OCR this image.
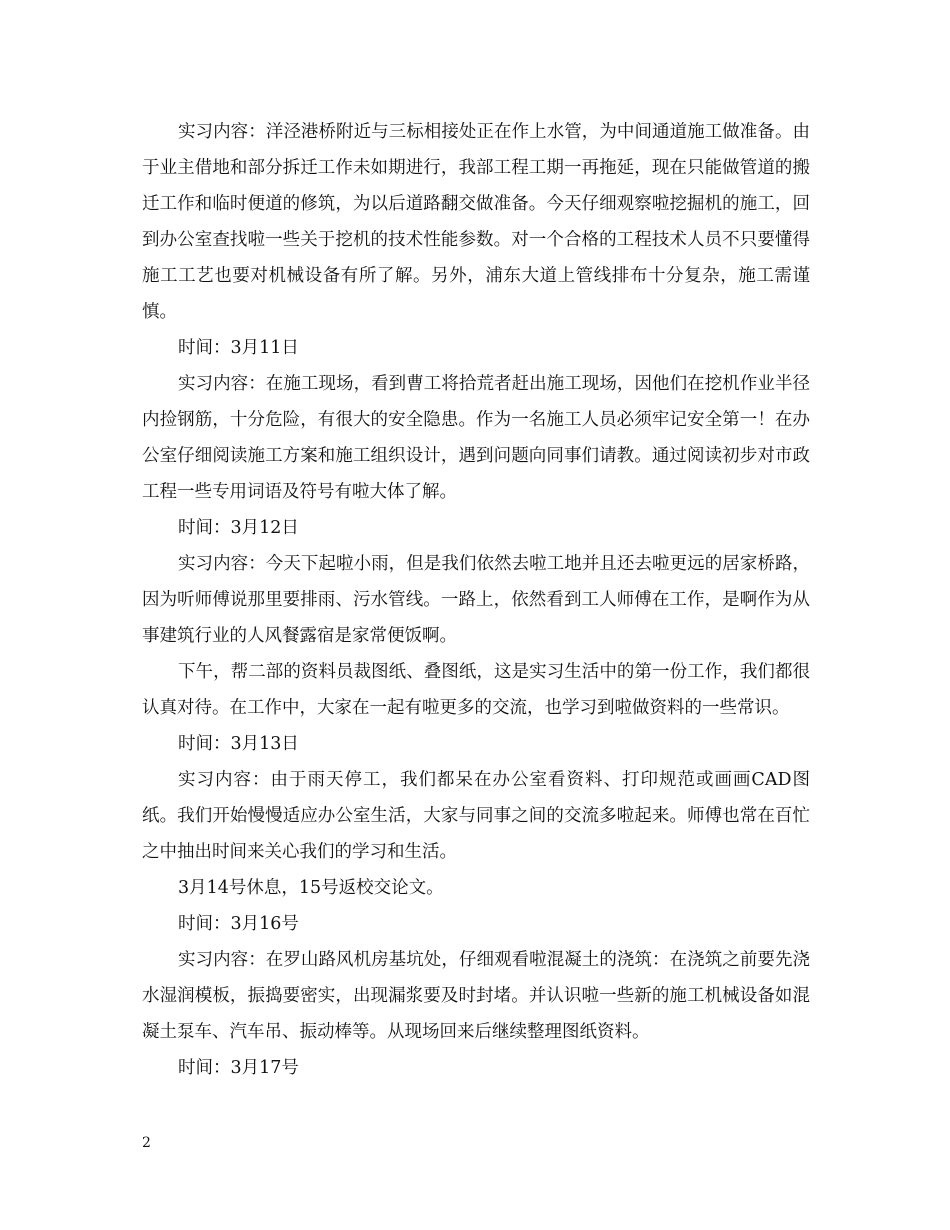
实习内容：洋泾港桥附近与三标相接处正在作上水管，为中间通道施工做准备。由于业主借地和部分拆迁工作未如期进行，我部工程工期一再拖延，现在只能做管道的搬迁工作和临时便道的修筑，为以后道路翻交做准备。今天仔细观察啦挖掘机的施工，回到办公室查找啦一些关于挖机的技术性能参数。对一个合格的工程技术人员不只要懂得施工工艺也要对机械设备有所了解。另外，浦东大道上管线排布十分复杂，施工需谨慎。

时间：3月11日

实习内容：在施工现场，看到曹工将拾荒者赶出施工现场，因他们在挖机作业半径内捡钢筋，十分危险，有很大的安全隐患。作为一名施工人员必须牢记安全第一！在办公室仔细阅读施工方案和施工组织设计，遇到问题向同事们请教。通过阅读初步对市政工程一些专用词语及符号有啦大体了解。

时间：3月12日

实习内容：今天下起啦小雨，但是我们依然去啦工地并且还去啦更远的居家桥路，因为听师傅说那里要排雨、污水管线。一路上，依然看到工人师傅在工作，是啊作为从事建筑行业的人风餐露宿是家常便饭啊。

下午，帮二部的资料员裁图纸、叠图纸，这是实习生活中的第一份工作，我们都很认真对待。在工作中，大家在一起有啦更多的交流，也学习到啦做资料的一些常识。

时间：3月13日

实习内容：由于雨天停工，我们都呆在办公室看资料、打印规范或画画CAD图纸。我们开始慢慢适应办公室生活，大家与同事之间的交流多啦起来。师傅也常在百忙之中抽出时间来关心我们的学习和生活。

3月14号休息，15号返校交论文。

时间：3月16号

实习内容：在罗山路风机房基坑处，仔细观看啦混凝土的浇筑：在浇筑之前要先浇水湿润模板，振捣要密实，出现漏浆要及时封堵。并认识啦一些新的施工机械设备如混凝土泵车、汽车吊、振动棒等。从现场回来后继续整理图纸资料。

时间：3月17号

2
